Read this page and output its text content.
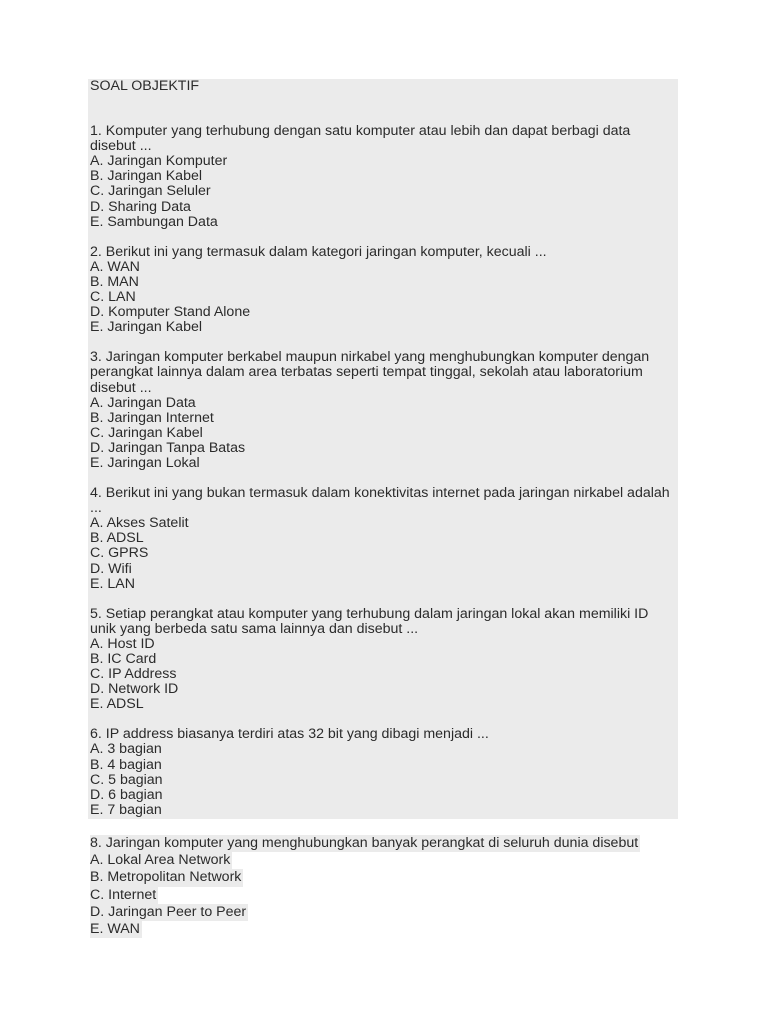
SOAL OBJEKTIF
1. Komputer yang terhubung dengan satu komputer atau lebih dan dapat berbagi data disebut ...
A. Jaringan Komputer
B. Jaringan Kabel
C. Jaringan Seluler
D. Sharing Data
E. Sambungan Data
2. Berikut ini yang termasuk dalam kategori jaringan komputer, kecuali ...
A. WAN
B. MAN
C. LAN
D. Komputer Stand Alone
E. Jaringan Kabel
3. Jaringan komputer berkabel maupun nirkabel yang menghubungkan komputer dengan perangkat lainnya dalam area terbatas seperti tempat tinggal, sekolah atau laboratorium disebut ...
A. Jaringan Data
B. Jaringan Internet
C. Jaringan Kabel
D. Jaringan Tanpa Batas
E. Jaringan Lokal
4. Berikut ini yang bukan termasuk dalam konektivitas internet pada jaringan nirkabel adalah ...
A. Akses Satelit
B. ADSL
C. GPRS
D. Wifi
E. LAN
5. Setiap perangkat atau komputer yang terhubung dalam jaringan lokal akan memiliki ID unik yang berbeda satu sama lainnya dan disebut ...
A. Host ID
B. IC Card
C. IP Address
D. Network ID
E. ADSL
6. IP address biasanya terdiri atas 32 bit yang dibagi menjadi ...
A. 3 bagian
B. 4 bagian
C. 5 bagian
D. 6 bagian
E. 7 bagian
8. Jaringan komputer yang menghubungkan banyak perangkat di seluruh dunia disebut
A. Lokal Area Network
B. Metropolitan Network
C. Internet
D. Jaringan Peer to Peer
E. WAN
